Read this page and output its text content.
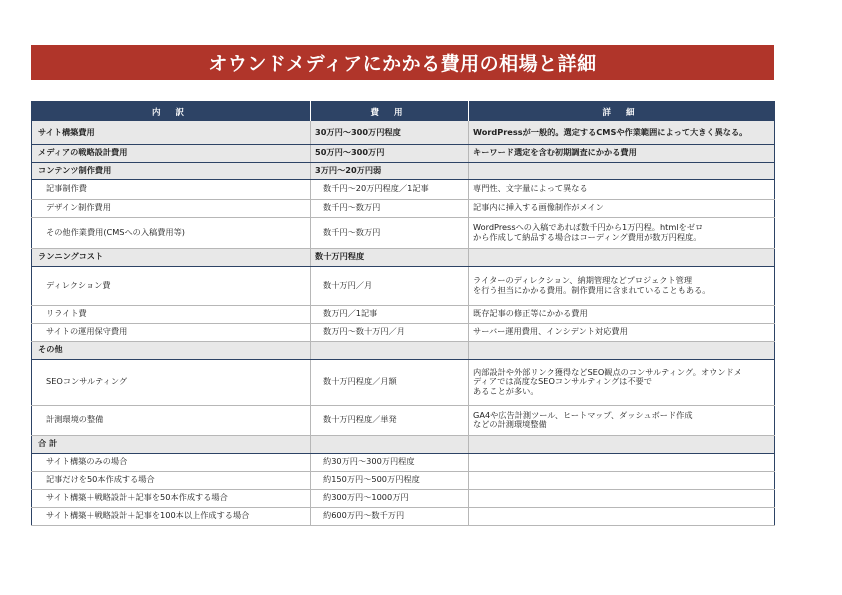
オウンドメディアにかかる費用の相場と詳細
内 訳	費 用	詳 細
サイト構築費用	30万円～300万円程度	WordPressが一般的。選定するCMSや作業範囲によって大きく異なる。
メディアの戦略設計費用	50万円～300万円	キーワード選定を含む初期調査にかかる費用
コンテンツ制作費用	3万円～20万円弱	
記事制作費	数千円～20万円程度／1記事	専門性、文字量によって異なる
デザイン制作費用	数千円～数万円	記事内に挿入する画像制作がメイン
その他作業費用(CMSへの入稿費用等)	数千円～数万円	WordPressへの入稿であれば数千円から1万円程。htmlをゼロ
から作成して納品する場合はコーディング費用が数万円程度。
ランニングコスト	数十万円程度	
ディレクション費	数十万円／月	ライターのディレクション、納期管理などプロジェクト管理
を行う担当にかかる費用。制作費用に含まれていることもある。
リライト費	数万円／1記事	既存記事の修正等にかかる費用
サイトの運用保守費用	数万円～数十万円／月	サーバー運用費用、インシデント対応費用
その他		
SEOコンサルティング	数十万円程度／月額	内部設計や外部リンク獲得などSEO観点のコンサルティング。オウンドメ
ディアでは高度なSEOコンサルティングは不要で
あることが多い。
計測環境の整備	数十万円程度／単発	GA4や広告計測ツール、ヒートマップ、ダッシュボード作成
などの計測環境整備
合 計		
サイト構築のみの場合	約30万円～300万円程度	
記事だけを50本作成する場合	約150万円～500万円程度	
サイト構築＋戦略設計＋記事を50本作成する場合	約300万円～1000万円	
サイト構築＋戦略設計＋記事を100本以上作成する場合	約600万円～数千万円	
